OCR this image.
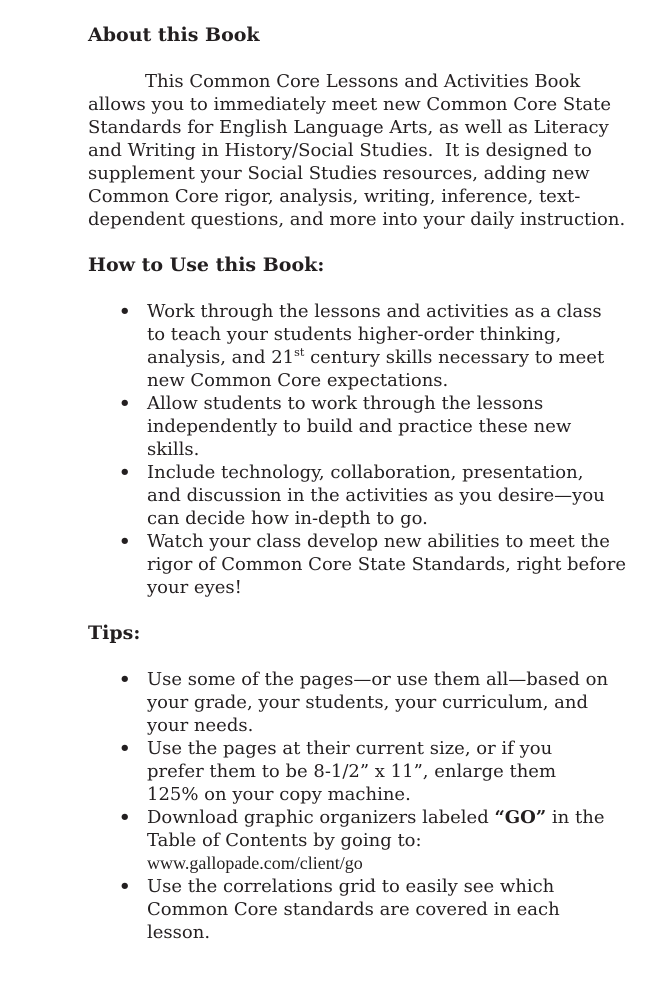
About this Book
This Common Core Lessons and Activities Book
allows you to immediately meet new Common Core State
Standards for English Language Arts, as well as Literacy
and Writing in History/Social Studies.  It is designed to
supplement your Social Studies resources, adding new
Common Core rigor, analysis, writing, inference, text-
dependent questions, and more into your daily instruction.
How to Use this Book:
• Work through the lessons and activities as a class
to teach your students higher-order thinking,
analysis, and 21st century skills necessary to meet
new Common Core expectations.
• Allow students to work through the lessons
independently to build and practice these new
skills.
• Include technology, collaboration, presentation,
and discussion in the activities as you desire—you
can decide how in-depth to go.
• Watch your class develop new abilities to meet the
rigor of Common Core State Standards, right before
your eyes!
Tips:
• Use some of the pages—or use them all—based on
your grade, your students, your curriculum, and
your needs.
• Use the pages at their current size, or if you
prefer them to be 8-1/2” x 11”, enlarge them
125% on your copy machine.
• Download graphic organizers labeled “GO” in the
Table of Contents by going to:
www.gallopade.com/client/go
• Use the correlations grid to easily see which
Common Core standards are covered in each
lesson.
